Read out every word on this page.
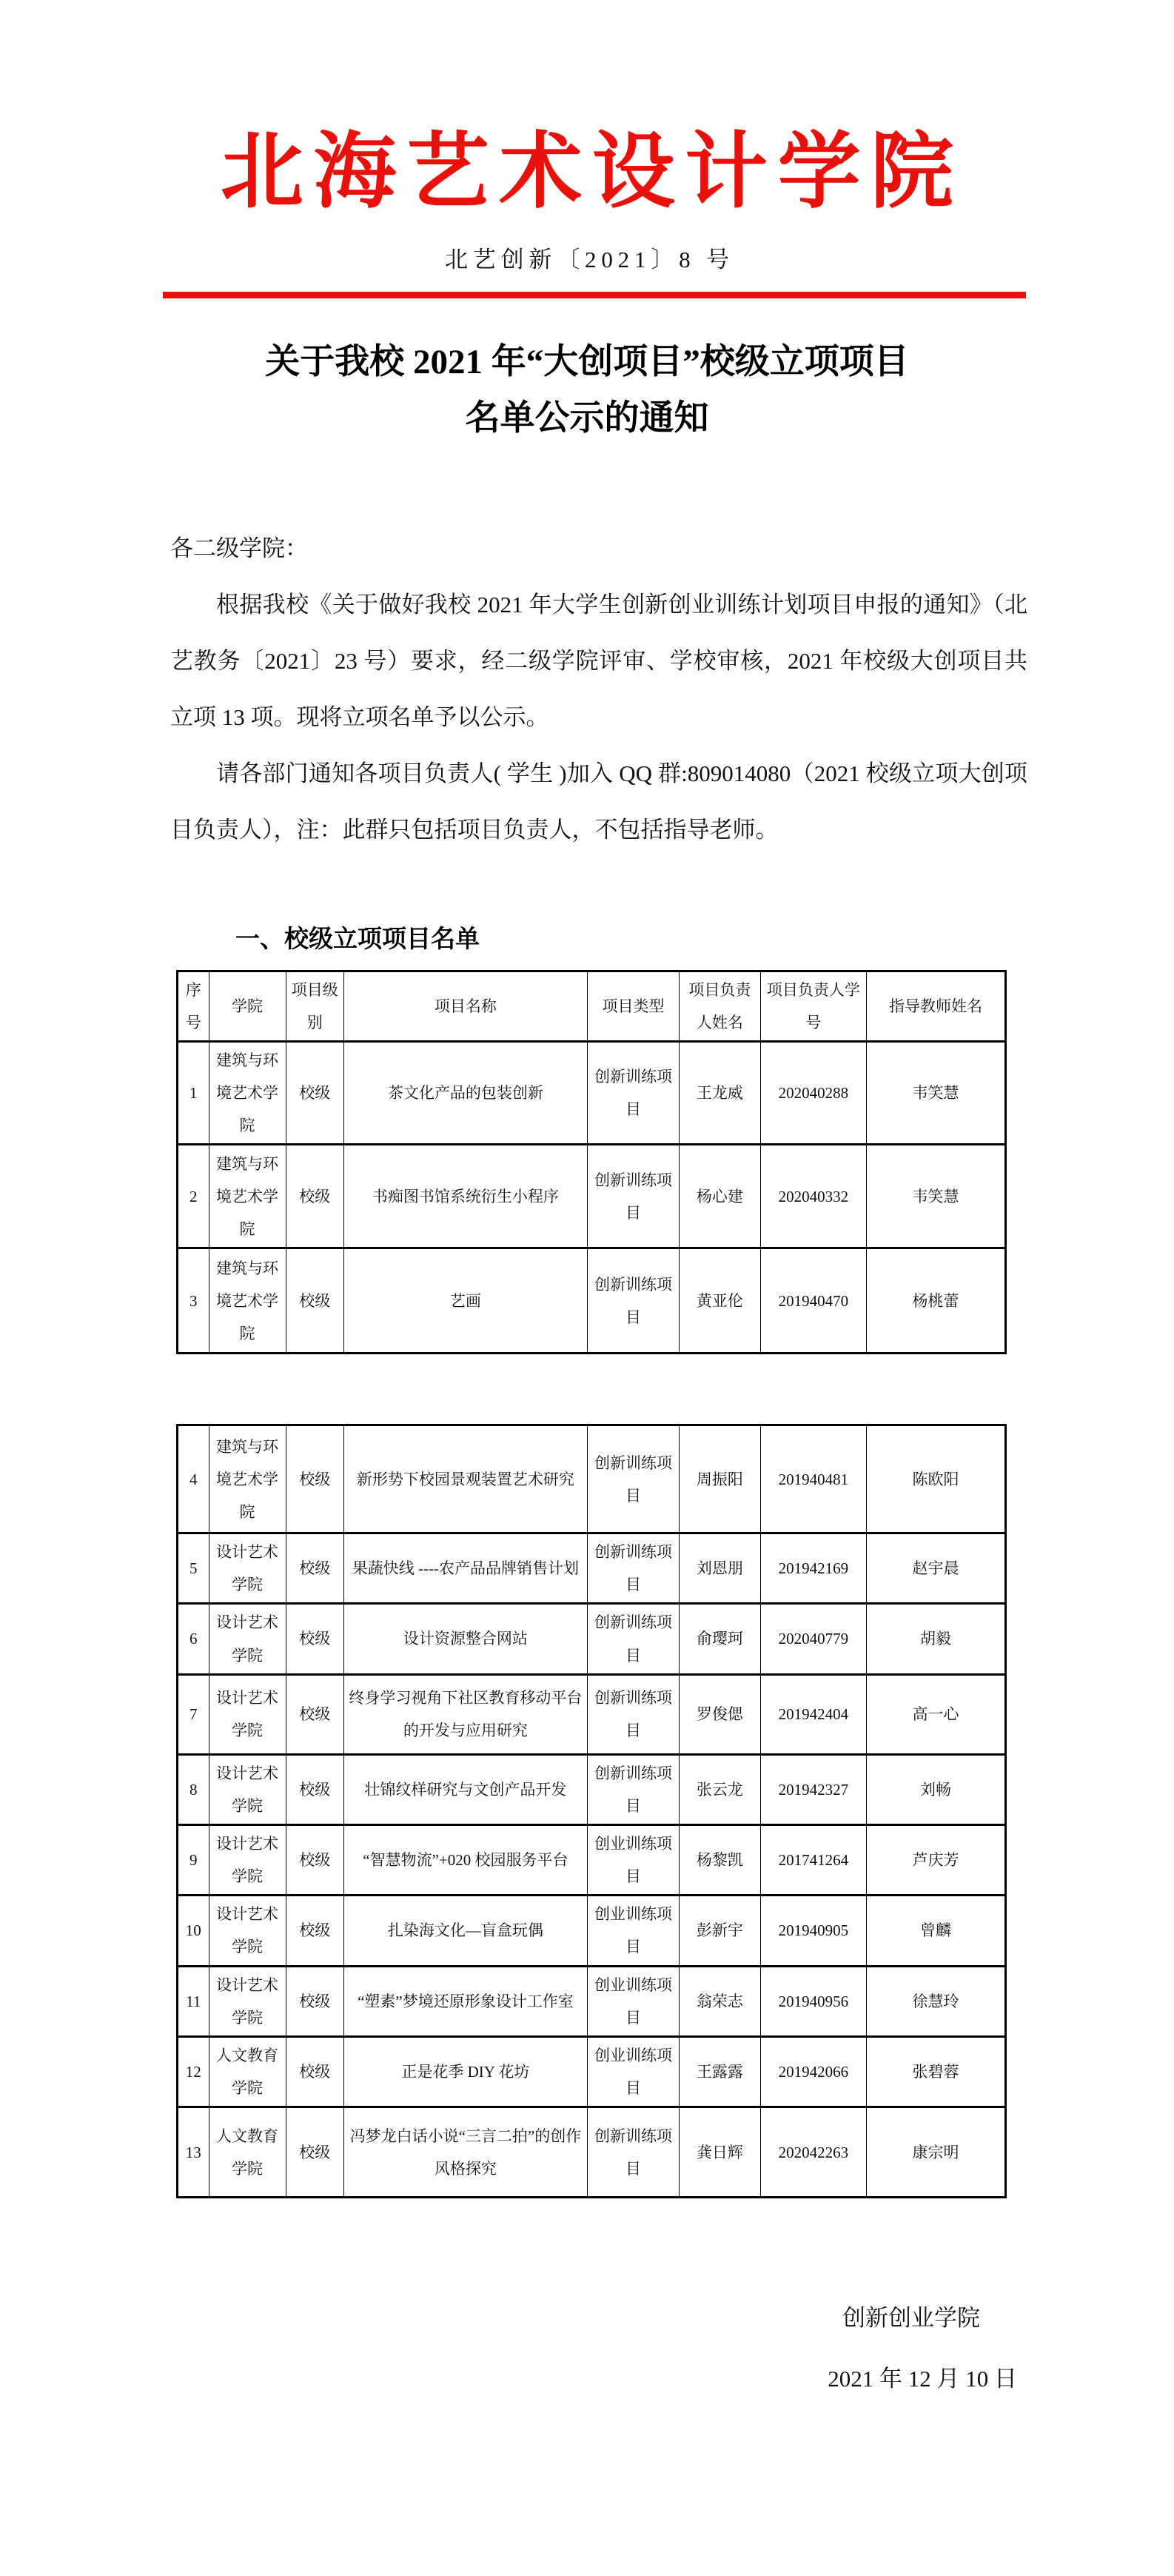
北海艺术设计学院
北艺创新〔2021〕8 号
关于我校 2021 年“大创项目”校级立项项目
名单公示的通知

各二级学院：

根据我校《关于做好我校 2021 年大学生创新创业训练计划项目申报的通知》（北艺教务〔2021〕23 号）要求，经二级学院评审、学校审核，2021 年校级大创项目共立项 13 项。现将立项名单予以公示。

请各部门通知各项目负责人( 学生 )加入 QQ 群:809014080（2021 校级立项大创项目负责人），注：此群只包括项目负责人，不包括指导老师。

一、校级立项项目名单
序号	学院	项目级别	项目名称	项目类型	项目负责人姓名	项目负责人学号	指导教师姓名
1	建筑与环境艺术学院	校级	茶文化产品的包装创新	创新训练项目	王龙威	202040288	韦笑慧
2	建筑与环境艺术学院	校级	书痴图书馆系统衍生小程序	创新训练项目	杨心建	202040332	韦笑慧
3	建筑与环境艺术学院	校级	艺画	创新训练项目	黄亚伦	201940470	杨桃蕾
4	建筑与环境艺术学院	校级	新形势下校园景观装置艺术研究	创新训练项目	周振阳	201940481	陈欧阳
5	设计艺术学院	校级	果蔬快线 ----农产品品牌销售计划	创新训练项目	刘恩朋	201942169	赵宇晨
6	设计艺术学院	校级	设计资源整合网站	创新训练项目	俞璎珂	202040779	胡毅
7	设计艺术学院	校级	终身学习视角下社区教育移动平台的开发与应用研究	创新训练项目	罗俊偲	201942404	高一心
8	设计艺术学院	校级	壮锦纹样研究与文创产品开发	创新训练项目	张云龙	201942327	刘畅
9	设计艺术学院	校级	“智慧物流”+020 校园服务平台	创业训练项目	杨黎凯	201741264	芦庆芳
10	设计艺术学院	校级	扎染海文化—盲盒玩偶	创业训练项目	彭新宇	201940905	曾麟
11	设计艺术学院	校级	“塑素”梦境还原形象设计工作室	创业训练项目	翁荣志	201940956	徐慧玲
12	人文教育学院	校级	正是花季 DIY 花坊	创业训练项目	王露露	201942066	张碧蓉
13	人文教育学院	校级	冯梦龙白话小说“三言二拍”的创作风格探究	创新训练项目	龚日辉	202042263	康宗明
创新创业学院
2021 年 12 月 10 日
